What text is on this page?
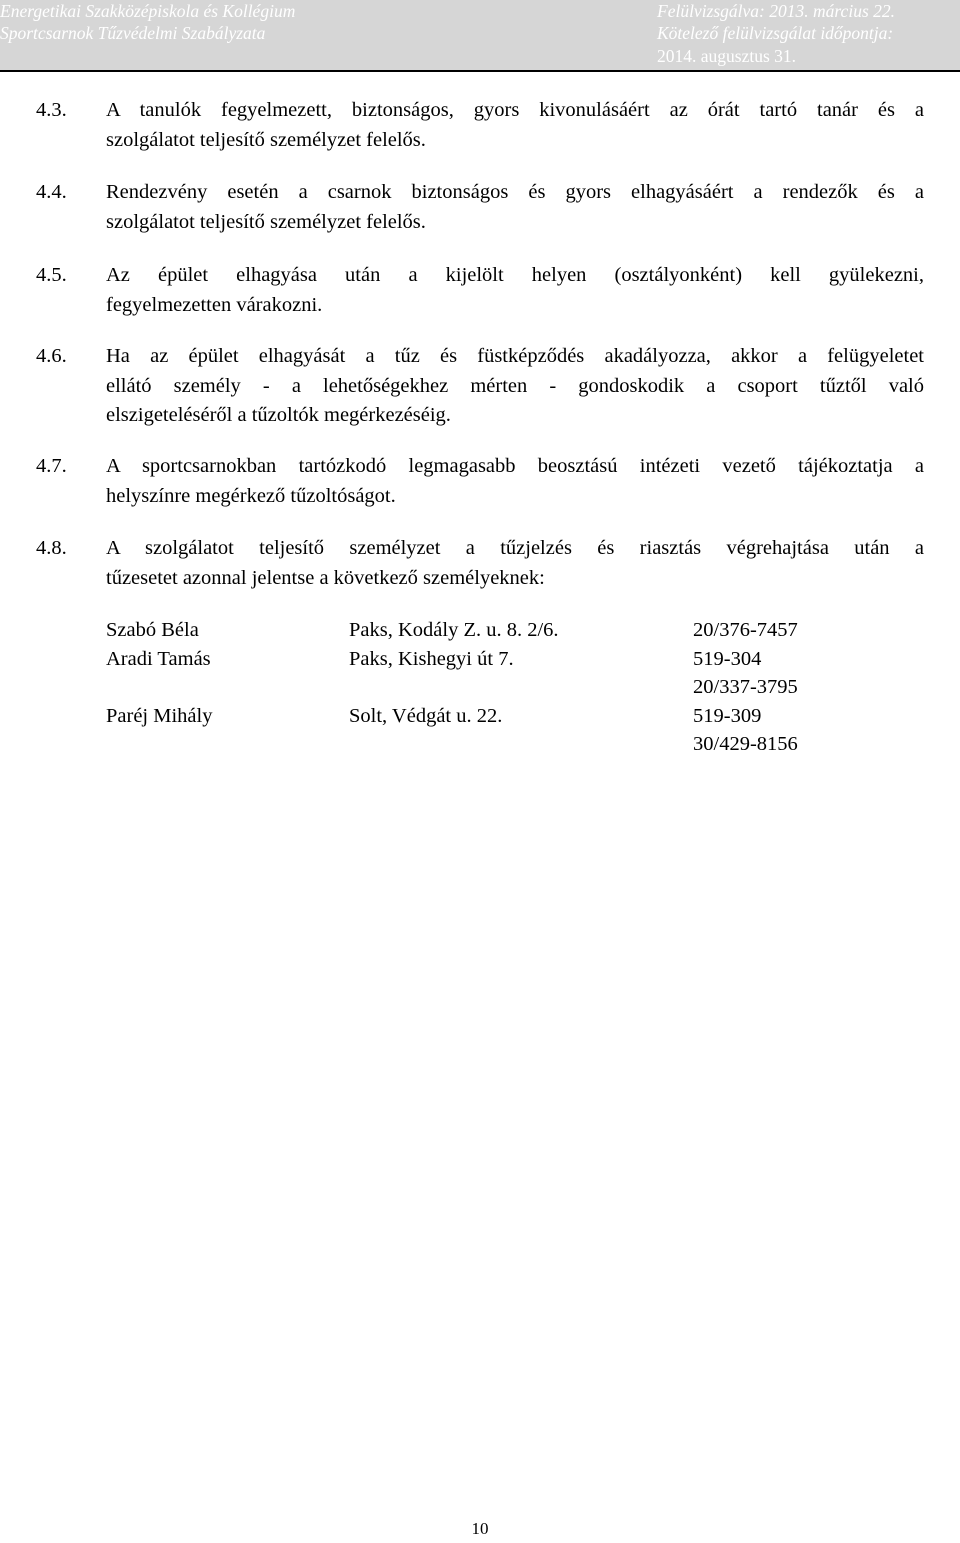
Energetikai Szakközépiskola és Kollégium
Sportcsarnok Tűzvédelmi Szabályzata
Felülvizsgálva: 2013. március 22.
Kötelező felülvizsgálat időpontja:
2014. augusztus 31.
4.3.	A tanulók fegyelmezett, biztonságos, gyors kivonulásáért az órát tartó tanár és a
szolgálatot teljesítő személyzet felelős.
4.4.	Rendezvény esetén a csarnok biztonságos és gyors elhagyásáért a rendezők és a
szolgálatot teljesítő személyzet felelős.
4.5.	Az épület elhagyása után a kijelölt helyen (osztályonként) kell gyülekezni,
fegyelmezetten várakozni.
4.6.	Ha az épület elhagyását a tűz és füstképződés akadályozza, akkor a felügyeletet
ellátó személy - a lehetőségekhez mérten - gondoskodik a csoport tűztől való
elszigeteléséről a tűzoltók megérkezéséig.
4.7.	A sportcsarnokban tartózkodó legmagasabb beosztású intézeti vezető tájékoztatja a
helyszínre megérkező tűzoltóságot.
4.8.	A szolgálatot teljesítő személyzet a tűzjelzés és riasztás végrehajtása után a
tűzesetet azonnal jelentse a következő személyeknek:
Szabó Béla	Paks, Kodály Z. u. 8. 2/6.	20/376-7457
Aradi Tamás	Paks, Kishegyi út 7.	519-304
20/337-3795
Paréj Mihály	Solt, Védgát u. 22.	519-309
30/429-8156
10
